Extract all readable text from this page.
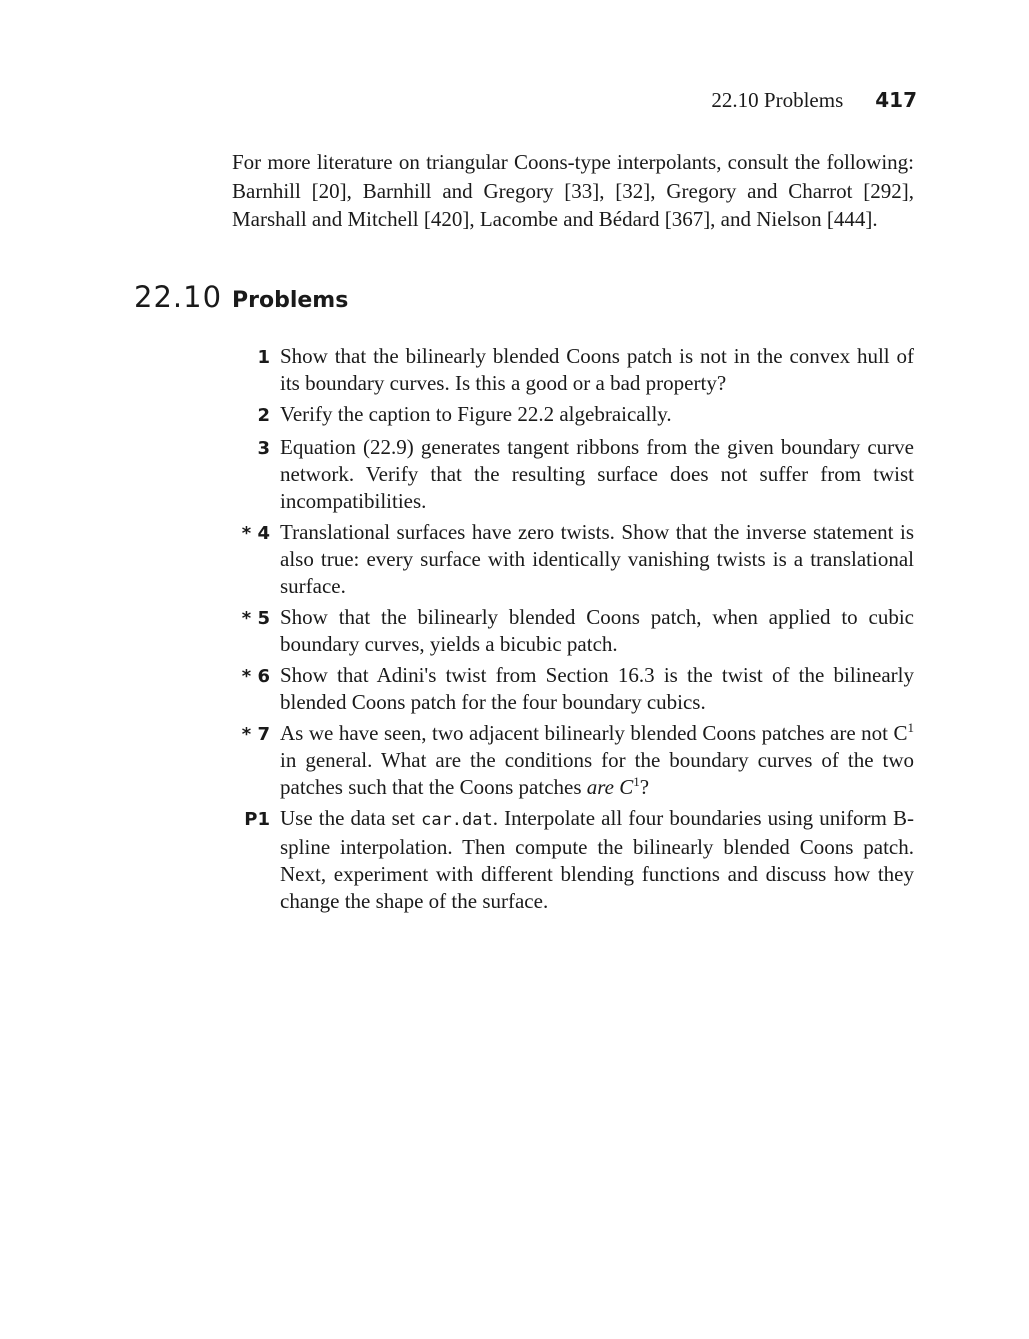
22.10 Problems 417

For more literature on triangular Coons-type interpolants, consult the following: Barnhill [20], Barnhill and Gregory [33], [32], Gregory and Charrot [292], Marshall and Mitchell [420], Lacombe and Bédard [367], and Nielson [444].

22.10 Problems
1 Show that the bilinearly blended Coons patch is not in the convex hull of its boundary curves. Is this a good or a bad property?
2 Verify the caption to Figure 22.2 algebraically.
3 Equation (22.9) generates tangent ribbons from the given boundary curve network. Verify that the resulting surface does not suffer from twist incompatibilities.
* 4 Translational surfaces have zero twists. Show that the inverse statement is also true: every surface with identically vanishing twists is a translational surface.
* 5 Show that the bilinearly blended Coons patch, when applied to cubic boundary curves, yields a bicubic patch.
* 6 Show that Adini's twist from Section 16.3 is the twist of the bilinearly blended Coons patch for the four boundary cubics.
* 7 As we have seen, two adjacent bilinearly blended Coons patches are not $C^1$ in general. What are the conditions for the boundary curves of the two patches such that the Coons patches are $C^1$?
P1 Use the data set car.dat. Interpolate all four boundaries using uniform B-spline interpolation. Then compute the bilinearly blended Coons patch. Next, experiment with different blending functions and discuss how they change the shape of the surface.
